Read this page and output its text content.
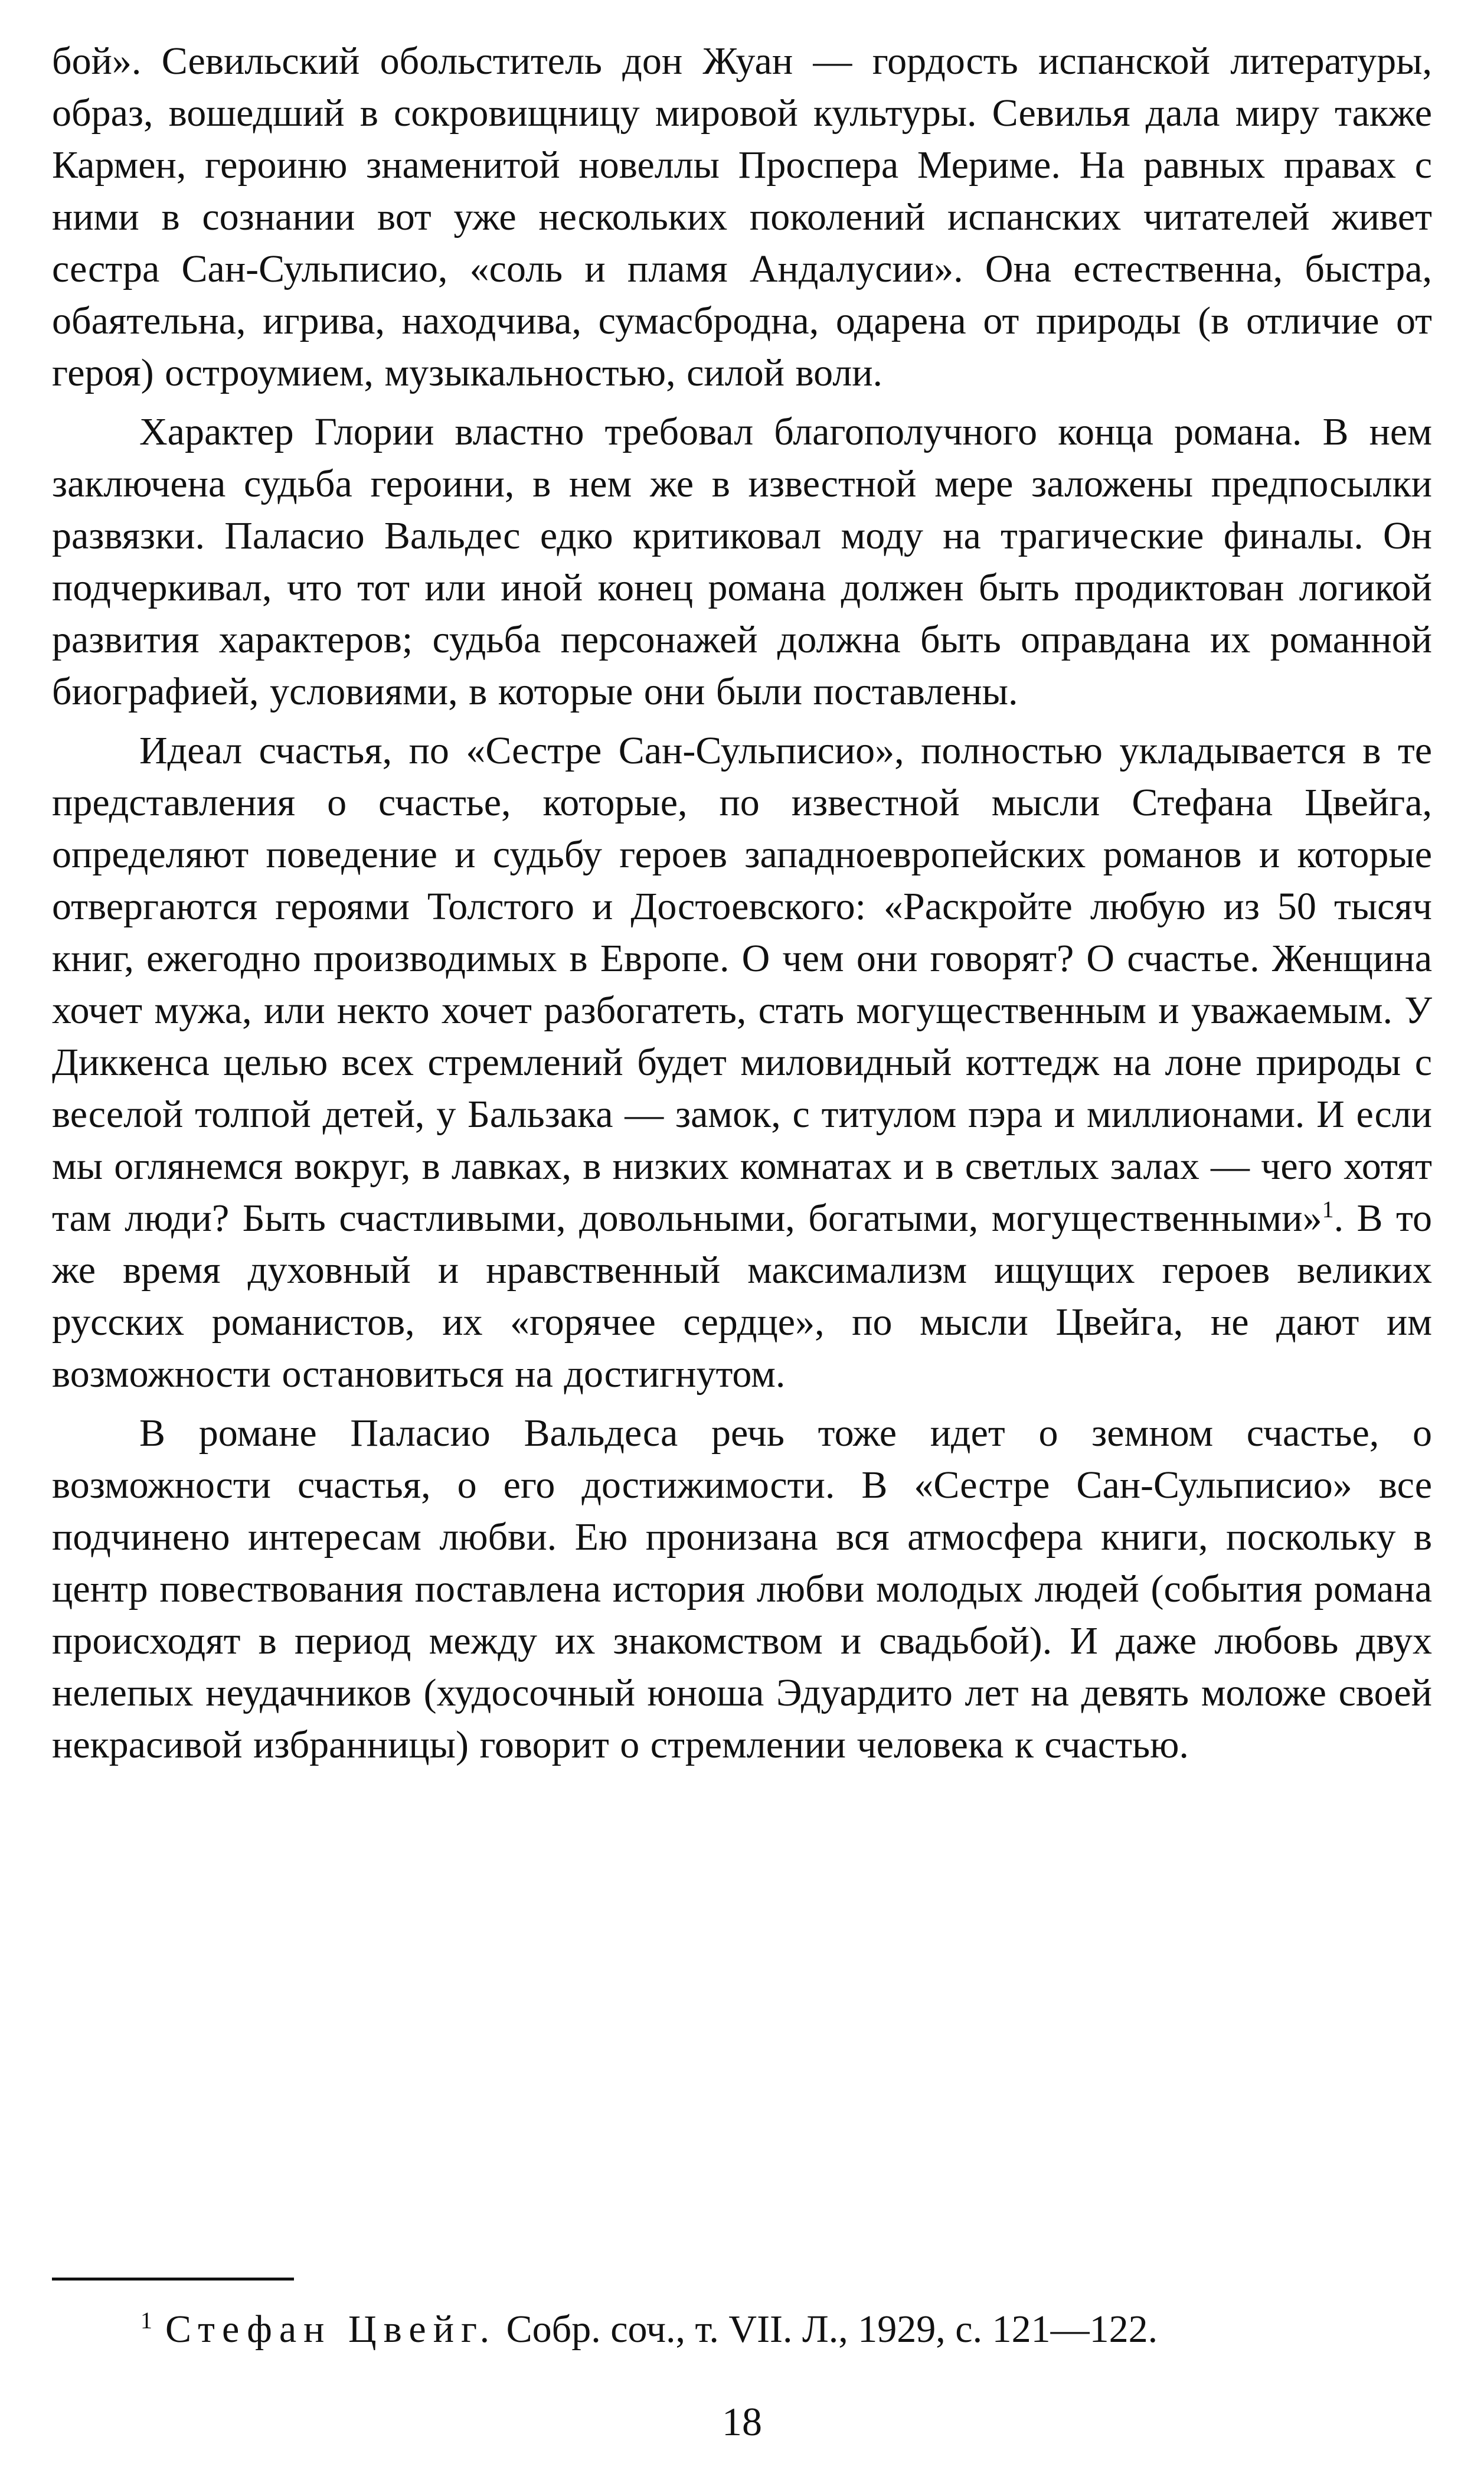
бой». Севильский обольститель дон Жуан — гордость испанской литературы, образ, вошедший в сокровищницу мировой культуры. Севилья дала миру также Кармен, героиню знаменитой новеллы Проспера Мериме. На равных правах с ними в сознании вот уже нескольких поколений испанских читателей живет сестра Сан-Сульписио, «соль и пламя Андалусии». Она естественна, быстра, обаятельна, игрива, находчива, сумасбродна, одарена от природы (в отличие от героя) остроумием, музыкальностью, силой воли.

Характер Глории властно требовал благополучного конца романа. В нем заключена судьба героини, в нем же в известной мере заложены предпосылки развязки. Паласио Вальдес едко критиковал моду на трагические финалы. Он подчеркивал, что тот или иной конец романа должен быть продиктован логикой развития характеров; судьба персонажей должна быть оправдана их романной биографией, условиями, в которые они были поставлены.

Идеал счастья, по «Сестре Сан-Сульписио», полностью укладывается в те представления о счастье, которые, по известной мысли Стефана Цвейга, определяют поведение и судьбу героев западноевропейских романов и которые отвергаются героями Толстого и Достоевского: «Раскройте любую из 50 тысяч книг, ежегодно производимых в Европе. О чем они говорят? О счастье. Женщина хочет мужа, или некто хочет разбогатеть, стать могущественным и уважаемым. У Диккенса целью всех стремлений будет миловидный коттедж на лоне природы с веселой толпой детей, у Бальзака — замок, с титулом пэра и миллионами. И если мы оглянемся вокруг, в лавках, в низких комнатах и в светлых залах — чего хотят там люди? Быть счастливыми, довольными, богатыми, могущественными»$^1$. В то же время духовный и нравственный максимализм ищущих героев великих русских романистов, их «горячее сердце», по мысли Цвейга, не дают им возможности остановиться на достигнутом.

В романе Паласио Вальдеса речь тоже идет о земном счастье, о возможности счастья, о его достижимости. В «Сестре Сан-Сульписио» все подчинено интересам любви. Ею пронизана вся атмосфера книги, поскольку в центр повествования поставлена история любви молодых людей (события романа происходят в период между их знакомством и свадьбой). И даже любовь двух нелепых неудачников (худосочный юноша Эдуардито лет на девять моложе своей некрасивой избранницы) говорит о стремлении человека к счастью.

$^1$ Стефан Цвейг. Собр. соч., т. VII. Л., 1929, с. 121—122.
18
